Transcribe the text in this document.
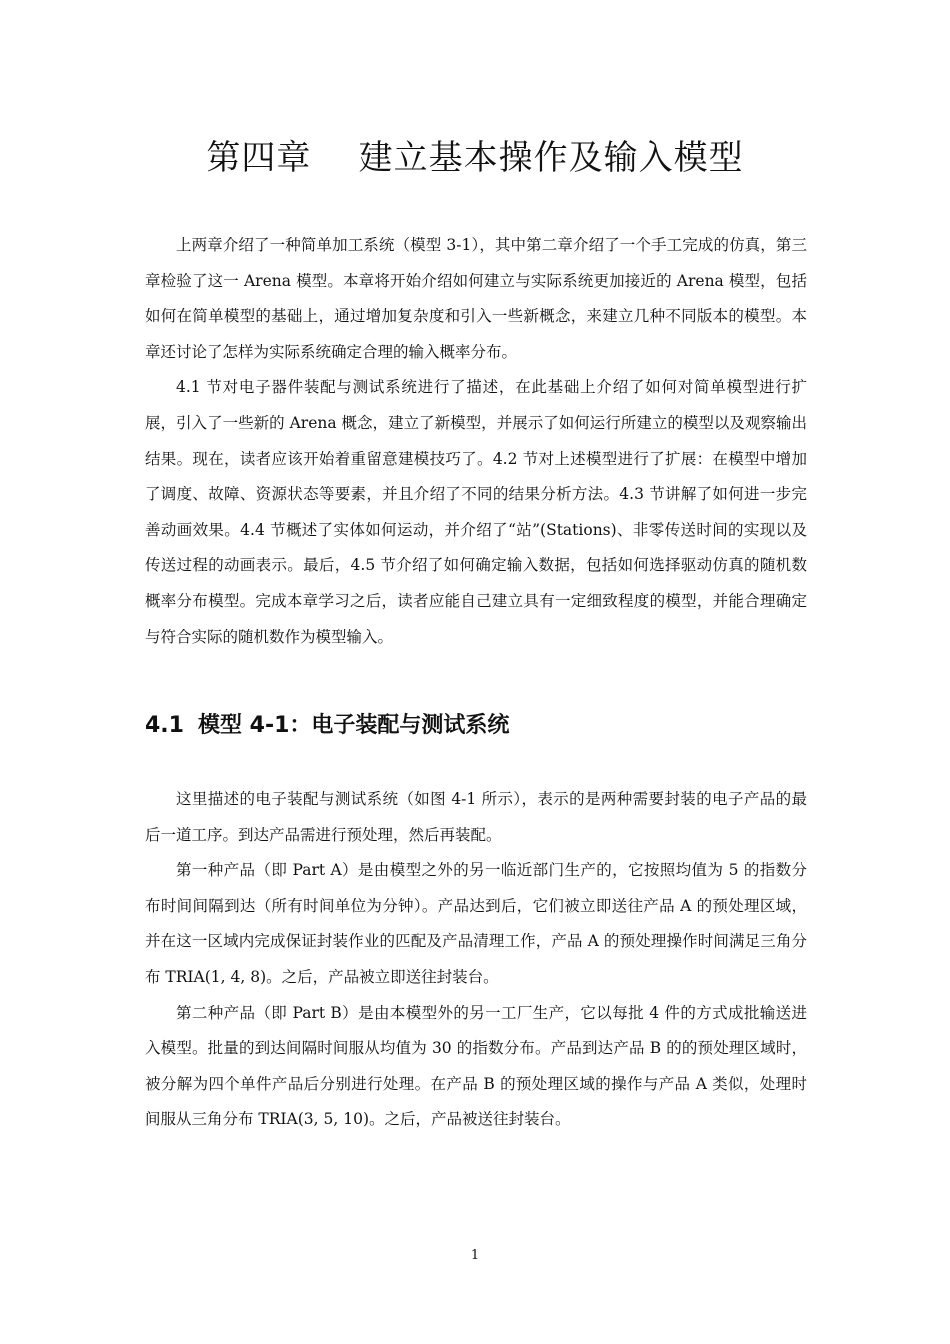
第四章    建立基本操作及输入模型

上两章介绍了一种简单加工系统（模型 3-1），其中第二章介绍了一个手工完成的仿真，第三章检验了这一 Arena 模型。本章将开始介绍如何建立与实际系统更加接近的 Arena 模型，包括如何在简单模型的基础上，通过增加复杂度和引入一些新概念，来建立几种不同版本的模型。本章还讨论了怎样为实际系统确定合理的输入概率分布。

4.1 节对电子器件装配与测试系统进行了描述，在此基础上介绍了如何对简单模型进行扩展，引入了一些新的 Arena 概念，建立了新模型，并展示了如何运行所建立的模型以及观察输出结果。现在，读者应该开始着重留意建模技巧了。4.2 节对上述模型进行了扩展：在模型中增加了调度、故障、资源状态等要素，并且介绍了不同的结果分析方法。4.3 节讲解了如何进一步完善动画效果。4.4 节概述了实体如何运动，并介绍了“站”(Stations)、非零传送时间的实现以及传送过程的动画表示。最后，4.5 节介绍了如何确定输入数据，包括如何选择驱动仿真的随机数概率分布模型。完成本章学习之后，读者应能自己建立具有一定细致程度的模型，并能合理确定与符合实际的随机数作为模型输入。

4.1 模型 4-1：电子装配与测试系统

这里描述的电子装配与测试系统（如图 4-1 所示），表示的是两种需要封装的电子产品的最后一道工序。到达产品需进行预处理，然后再装配。

第一种产品（即 Part A）是由模型之外的另一临近部门生产的，它按照均值为 5 的指数分布时间间隔到达（所有时间单位为分钟）。产品达到后，它们被立即送往产品 A 的预处理区域，并在这一区域内完成保证封装作业的匹配及产品清理工作，产品 A 的预处理操作时间满足三角分布 TRIA(1, 4, 8)。之后，产品被立即送往封装台。

第二种产品（即 Part B）是由本模型外的另一工厂生产，它以每批 4 件的方式成批输送进入模型。批量的到达间隔时间服从均值为 30 的指数分布。产品到达产品 B 的的预处理区域时，被分解为四个单件产品后分别进行处理。在产品 B 的预处理区域的操作与产品 A 类似，处理时间服从三角分布 TRIA(3, 5, 10)。之后，产品被送往封装台。

1
